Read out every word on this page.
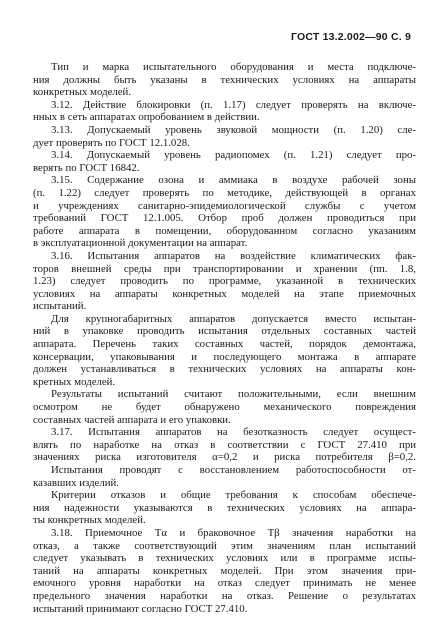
ГОСТ 13.2.002—90 С. 9
Тип и марка испытательного оборудования и места подключе-
ния должны быть указаны в технических условиях на аппараты
конкретных моделей.
3.12. Действие блокировки (п. 1.17) следует проверять на включе-
нных в сеть аппаратах опробованием в действии.
3.13. Допускаемый уровень звуковой мощности (п. 1.20) сле-
дует проверять по ГОСТ 12.1.028.
3.14. Допускаемый уровень радиопомех (п. 1.21) следует про-
верять по ГОСТ 16842.
3.15. Содержание озона и аммиака в воздухе рабочей зоны
(п. 1.22) следует проверять по методике, действующей в органах
и учреждениях санитарно-эпидемиологической службы с учетом
требований ГОСТ 12.1.005. Отбор проб должен проводиться при
работе аппарата в помещении, оборудованном согласно указаниям
в эксплуатационной документации на аппарат.
3.16. Испытания аппаратов на воздействие климатических фак-
торов внешней среды при транспортировании и хранении (пп. 1.8,
1.23) следует проводить по программе, указанной в технических
условиях на аппараты конкретных моделей на этапе приемочных
испытаний.
Для крупногабаритных аппаратов допускается вместо испытан-
ний в упаковке проводить испытания отдельных составных частей
аппарата. Перечень таких составных частей, порядок демонтажа,
консервации, упаковывания и последующего монтажа в аппарате
должен устанавливаться в технических условиях на аппараты кон-
кретных моделей.
Результаты испытаний считают положительными, если внешним
осмотром не будет обнаружено механического повреждения
составных частей аппарата и его упаковки.
3.17. Испытания аппаратов на безотказность следует осущест-
влять по наработке на отказ в соответствии с ГОСТ 27.410 при
значениях риска изготовителя α=0,2 и риска потребителя β=0,2.
Испытания проводят с восстановлением работоспособности от-
казавших изделий.
Критерии отказов и общие требования к способам обеспече-
ния надежности указываются в технических условиях на аппара-
ты конкретных моделей.
3.18. Приемочное Tα и браковочное Tβ значения наработки на
отказ, а также соответствующий этим значениям план испытаний
следует указывать в технических условиях или в программе испы-
таний на аппараты конкретных моделей. При этом значения при-
емочного уровня наработки на отказ следует принимать не менее
предельного значения наработки на отказ. Решение о результатах
испытаний принимают согласно ГОСТ 27.410.
